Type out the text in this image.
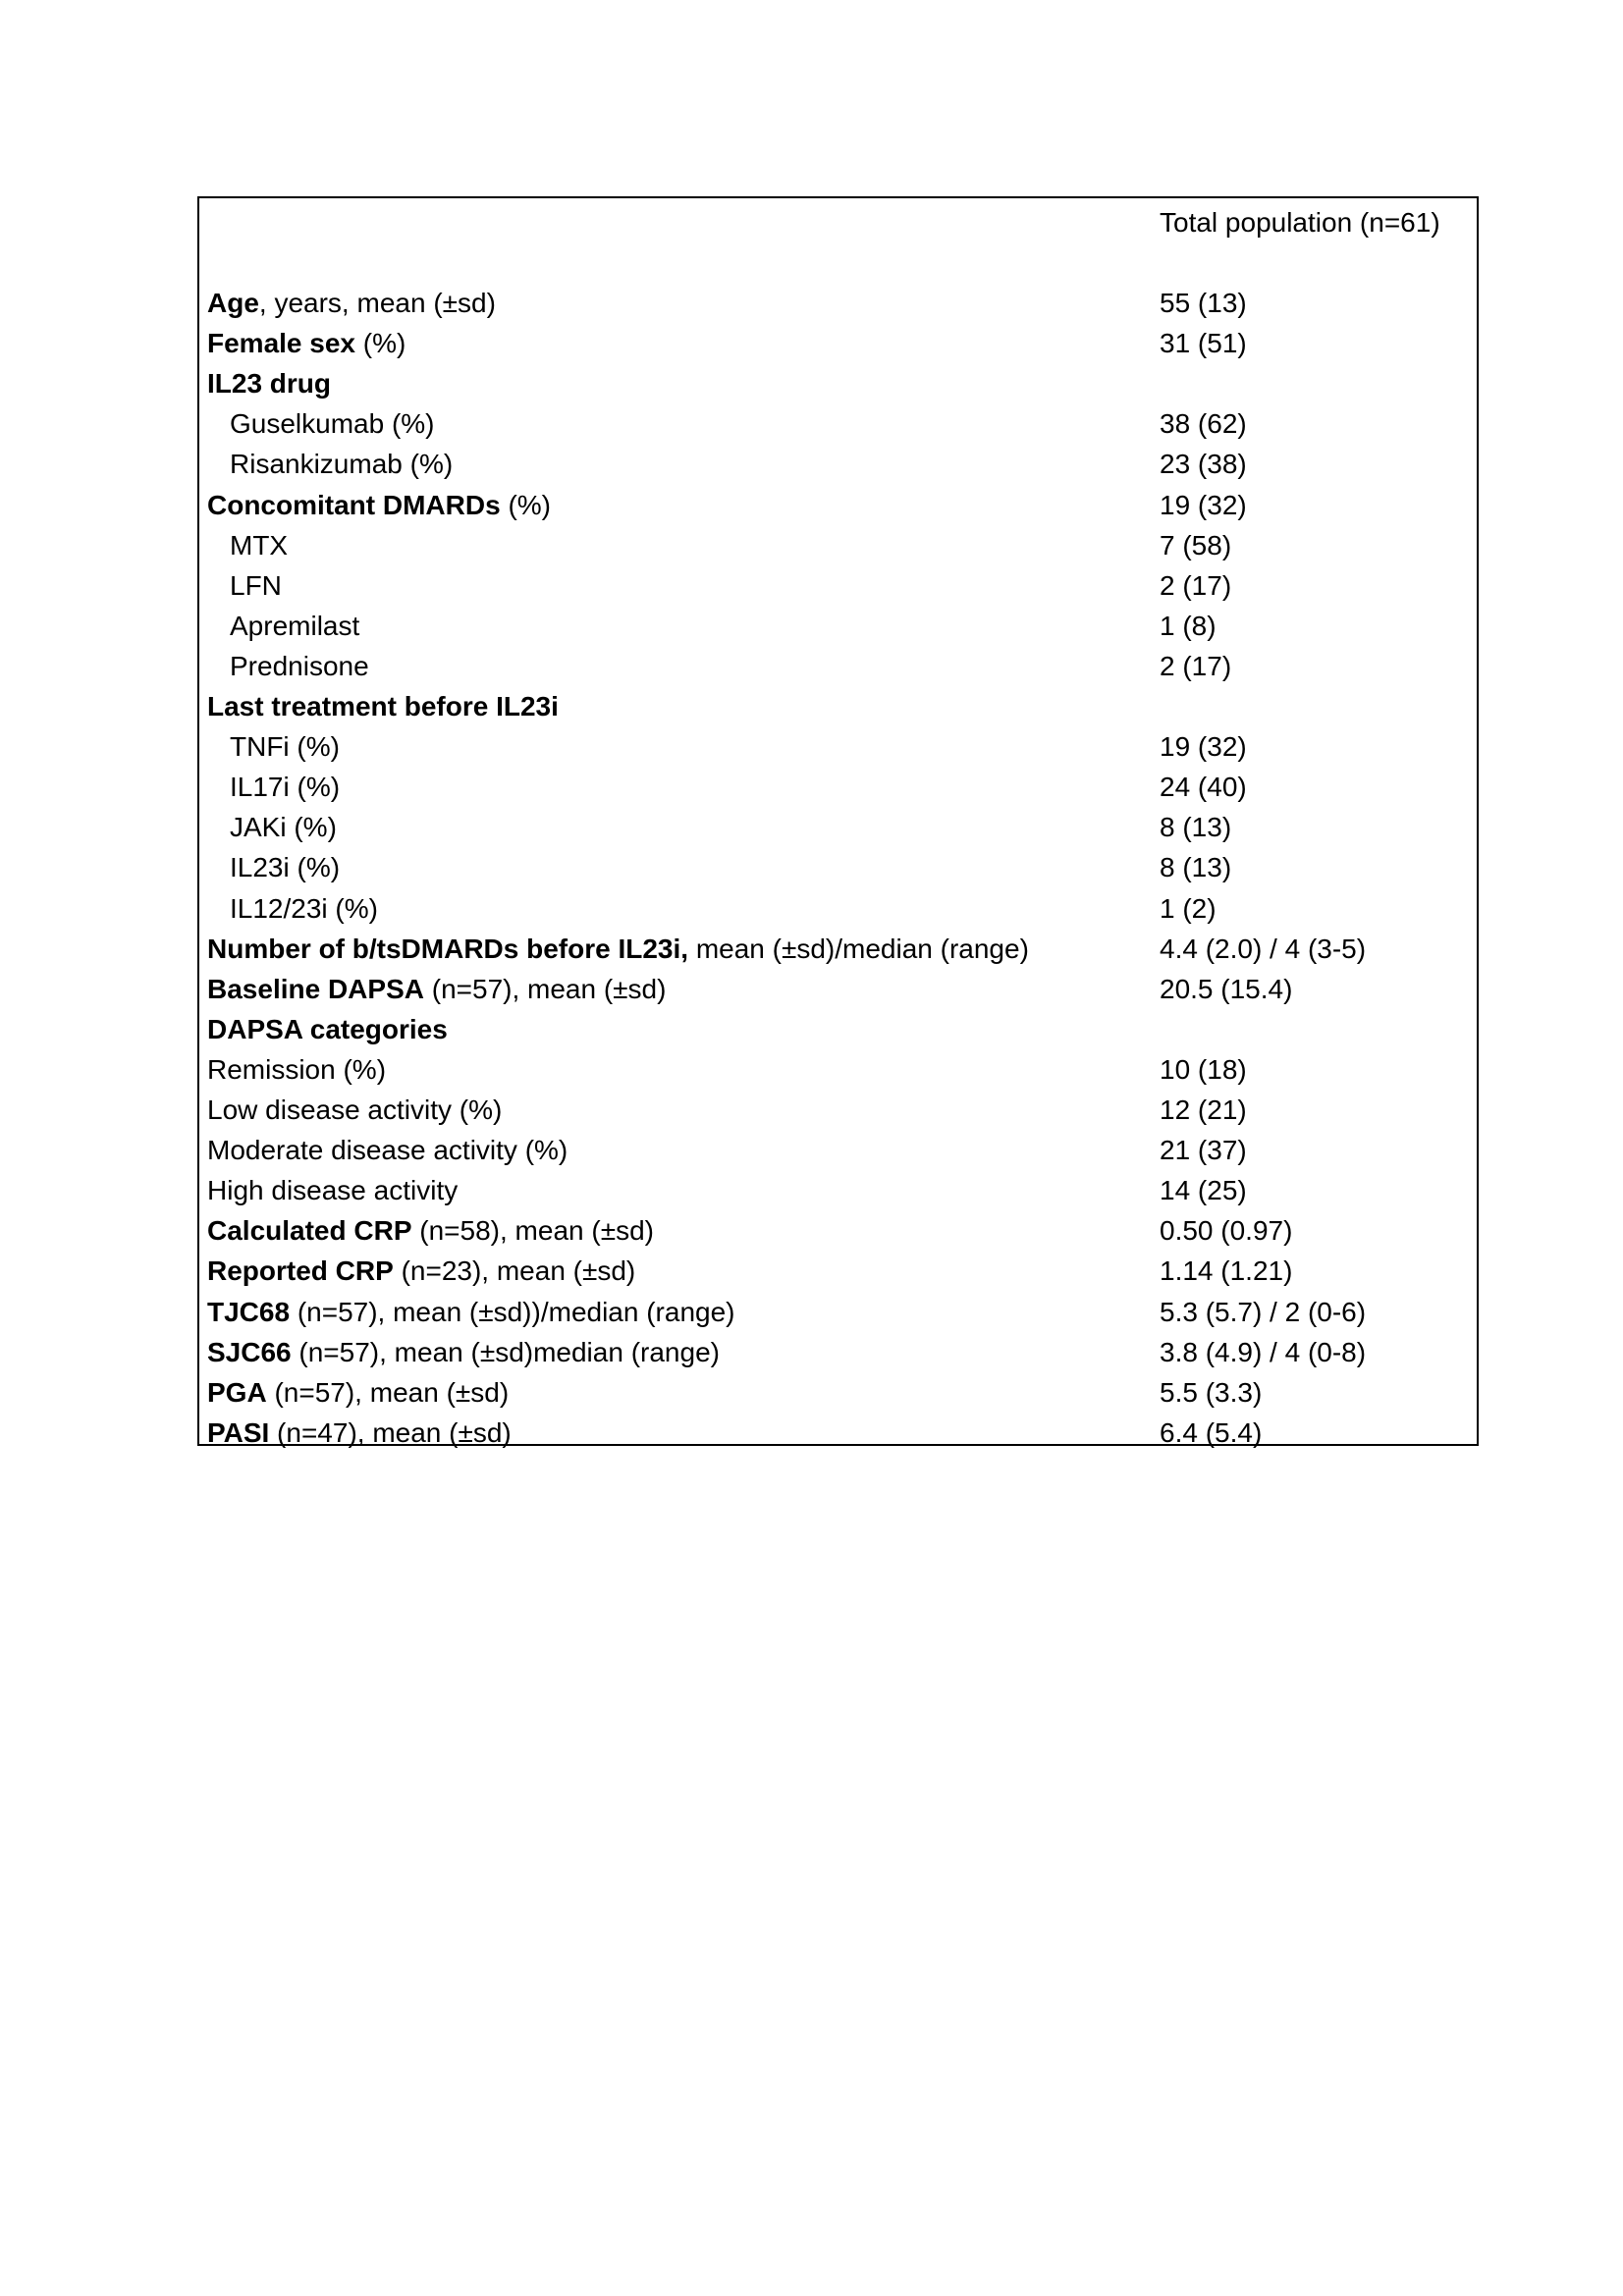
Total population (n=61)
Age, years, mean (±sd)	55 (13)
Female sex (%)	31 (51)
IL23 drug
Guselkumab (%)	38 (62)
Risankizumab (%)	23 (38)
Concomitant DMARDs (%)	19 (32)
MTX	7 (58)
LFN	2 (17)
Apremilast	1 (8)
Prednisone	2 (17)
Last treatment before IL23i
TNFi (%)	19 (32)
IL17i (%)	24 (40)
JAKi (%)	8 (13)
IL23i (%)	8 (13)
IL12/23i (%)	1 (2)
Number of b/tsDMARDs before IL23i, mean (±sd)/median (range)	4.4 (2.0) / 4 (3-5)
Baseline DAPSA (n=57), mean (±sd)	20.5 (15.4)
DAPSA categories
Remission (%)	10 (18)
Low disease activity (%)	12 (21)
Moderate disease activity (%)	21 (37)
High disease activity	14 (25)
Calculated CRP (n=58), mean (±sd)	0.50 (0.97)
Reported CRP (n=23), mean (±sd)	1.14 (1.21)
TJC68 (n=57), mean (±sd))/median (range)	5.3 (5.7) / 2 (0-6)
SJC66 (n=57), mean (±sd)median (range)	3.8 (4.9) / 4 (0-8)
PGA (n=57), mean (±sd)	5.5 (3.3)
PASI (n=47), mean (±sd)	6.4 (5.4)
